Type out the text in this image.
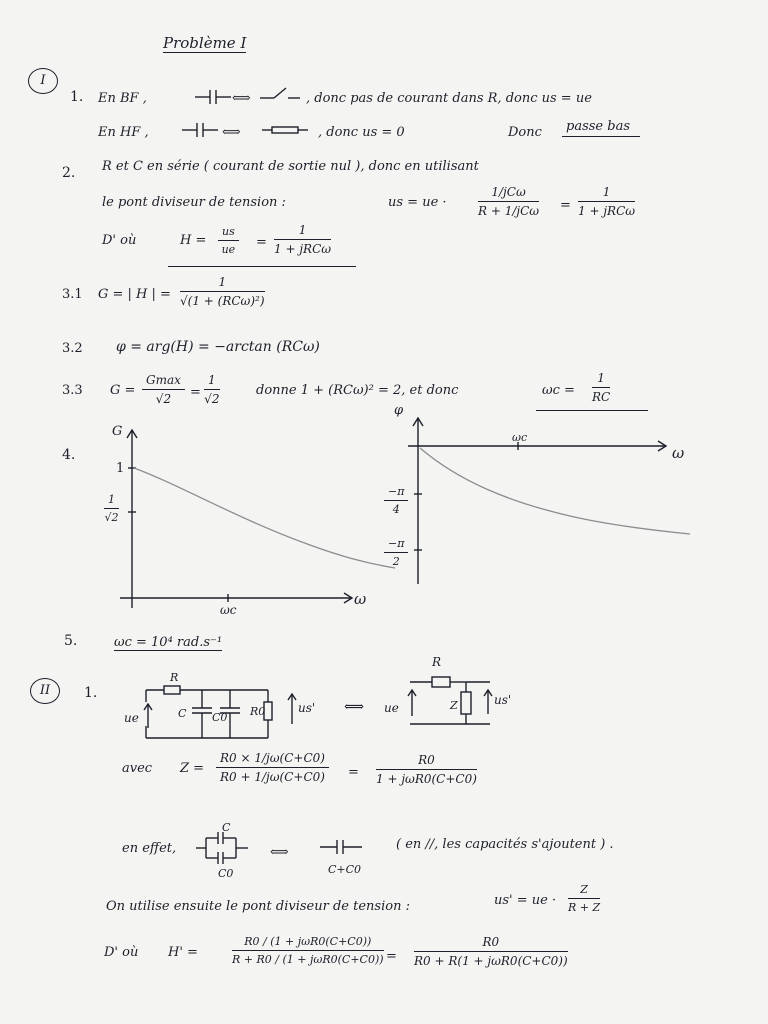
Problème I
I
1. En BF ,	⟺	, donc pas de courant dans R, donc us = ue
En HF ,	⟺	, donc us = 0	Donc	passe bas
2. R et C en série ( courant de sortie nul ), donc en utilisant
le pont diviseur de tension :	us = ue ·
1/jCω
R + 1/jCω =
1
1 + jRCω
D' où	$H = \frac{us}{ue}$ =
1
1 + jRCω
3.1 G = | H | =
1
√(1 + (RCω)²)
3.2 φ = arg(H) = −arctan (RCω)
3.3 G =
Gmax
√2	= $\frac{1}{√2}$	donne 1 + (RCω)² = 2, et donc	$\omega c = \frac{1}{RC}$
4.
G
1
$\frac{1}{√2}$
ωc
ω
φ
ωc
ω
$\frac{-\pi}{4}$
$\frac{-\pi}{2}$
5.	ωc = 10⁴ rad.s⁻¹
II	1.
R
C C0 R0
ue
us' ⟺
R
Z
ue
us'
avec $Z = \frac{R0 \times 1/j\omega(C+C0)}{R0 + 1/j\omega(C+C0)}$ =
R0
1 + jωR0(C+C0)
en effet,
C
C0
⟺
C+C0
( en //, les capacités s'ajoutent ) .
On utilise ensuite le pont diviseur de tension :	us' = ue · $\frac{Z}{R + Z}$
D' où H' =
R0 / (1 + jωR0(C+C0))
R + R0 / (1 + jωR0(C+C0)) =
R0
R0 + R(1 + jωR0(C+C0))
